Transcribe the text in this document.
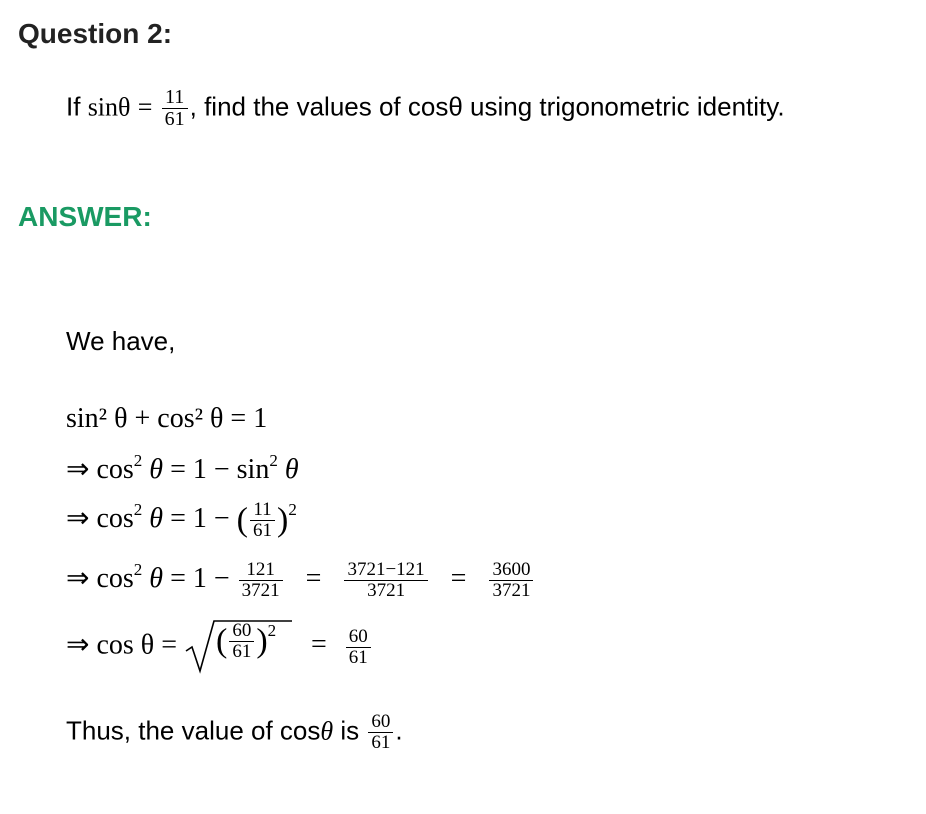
Question 2:
If $\sin\theta = \frac{11}{61}$ , find the values of cosθ using trigonometric identity.
ANSWER:
We have,
sin² θ + cos² θ = 1
⇒ $\cos^2 \theta = 1 - \sin^2 \theta$
⇒ $\cos^2 \theta = 1$ − ( $\frac{11}{61} )^2$
⇒ $\cos^2 \theta = 1 - \frac{121}{3721} = \frac{3721-121}{3721} = \frac{3600}{3721}$
⇒ cos θ = ( $\frac{60}{61} )^2 = \frac{60}{61}$
Thus, the value of cosθ is $\frac{60}{61}$ .
